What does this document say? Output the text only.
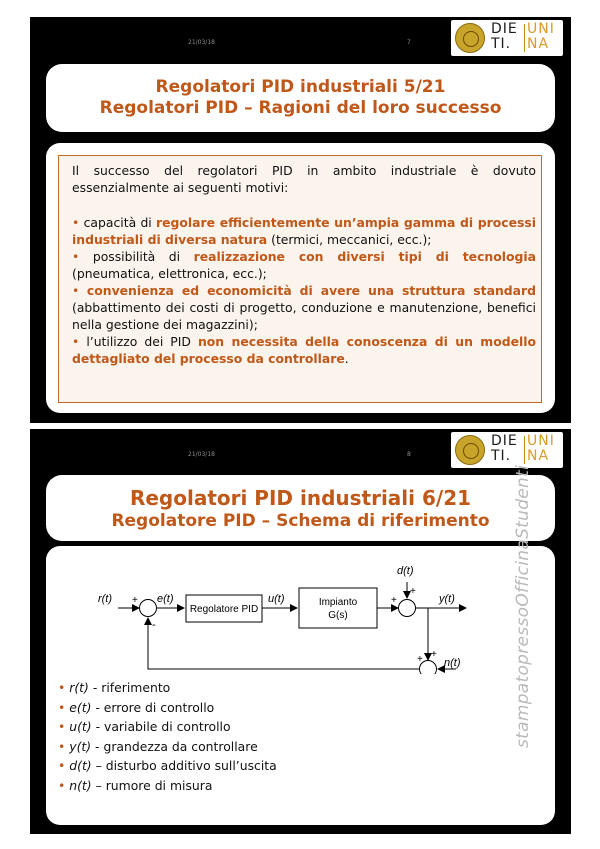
21/03/18	7
DIE
TI.
UNI
NA
Regolatori PID industriali 5/21
Regolatori PID – Ragioni del loro successo

Il successo del regolatori PID in ambito industriale è dovuto essenzialmente ai seguenti motivi:

• capacità di regolare efficientemente un’ampia gamma di processi industriali di diversa natura (termici, meccanici, ecc.);

• possibilità di realizzazione con diversi tipi di tecnologia (pneumatica, elettronica, ecc.);

• convenienza ed economicità di avere una struttura standard (abbattimento dei costi di progetto, conduzione e manutenzione, benefici nella gestione dei magazzini);

• l’utilizzo dei PID non necessita della conoscenza di un modello dettagliato del processo da controllare.

21/03/18	8
DIE
TI.
UNI
NA
Regolatori PID industriali 6/21
Regolatore PID – Schema di riferimento
r(t)	e(t)	u(t)	y(t)
d(t)
n(t)
Regolatore PID
Impianto
G(s)
+
-
+
+
+
+
• r(t) - riferimento
• e(t) - errore di controllo
• u(t) - variabile di controllo
• y(t) - grandezza da controllare
• d(t) – disturbo additivo sull’uscita
• n(t) – rumore di misura
stampatopressoOfficinaStudenti
